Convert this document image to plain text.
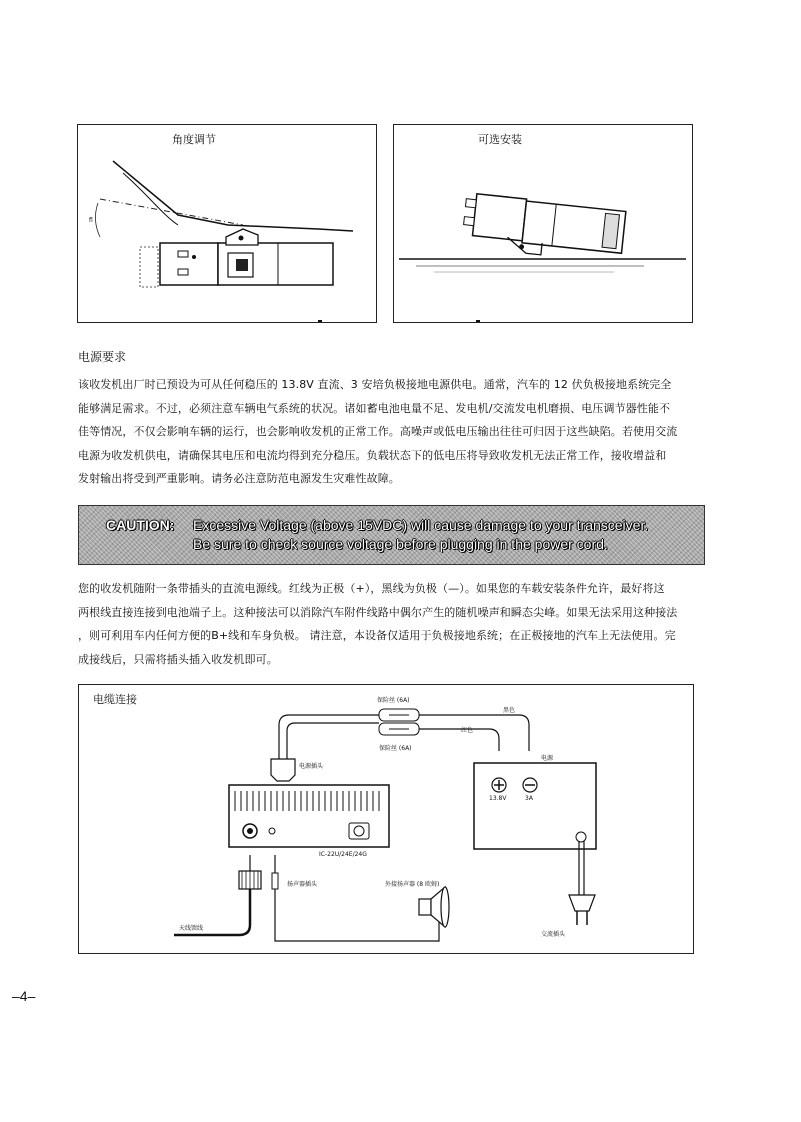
角度调节
fl
可选安装
电源要求
该收发机出厂时已预设为可从任何稳压的 13.8V 直流、3 安培负极接地电源供电。通常，汽车的 12 伏负极接地系统完全
能够满足需求。不过，必须注意车辆电气系统的状况。诸如蓄电池电量不足、发电机/交流发电机磨损、电压调节器性能不
佳等情况，不仅会影响车辆的运行，也会影响收发机的正常工作。高噪声或低电压输出往往可归因于这些缺陷。若使用交流
电源为收发机供电，请确保其电压和电流均得到充分稳压。负载状态下的低电压将导致收发机无法正常工作，接收增益和
发射输出将受到严重影响。请务必注意防范电源发生灾难性故障。
CAUTION: Excessive Voltage (above 15VDC) will cause damage to your transceiver.
Be sure to check source voltage before plugging in the power cord.
您的收发机随附一条带插头的直流电源线。红线为正极（+），黑线为负极（—）。如果您的车载安装条件允许，最好将这
两根线直接连接到电池端子上。这种接法可以消除汽车附件线路中偶尔产生的随机噪声和瞬态尖峰。如果无法采用这种接法
，则可利用车内任何方便的B+线和车身负极。 请注意，本设备仅适用于负极接地系统；在正极接地的汽车上无法使用。完
成接线后，只需将插头插入收发机即可。
电缆连接	保险丝 (6A)
保险丝 (6A)
黑色
红色
电源插头
电源
13.8V	3A
IC-22U/24E/24G
扬声器插头	外接扬声器 (8 欧姆)
天线馈线
交流插头
–4–
